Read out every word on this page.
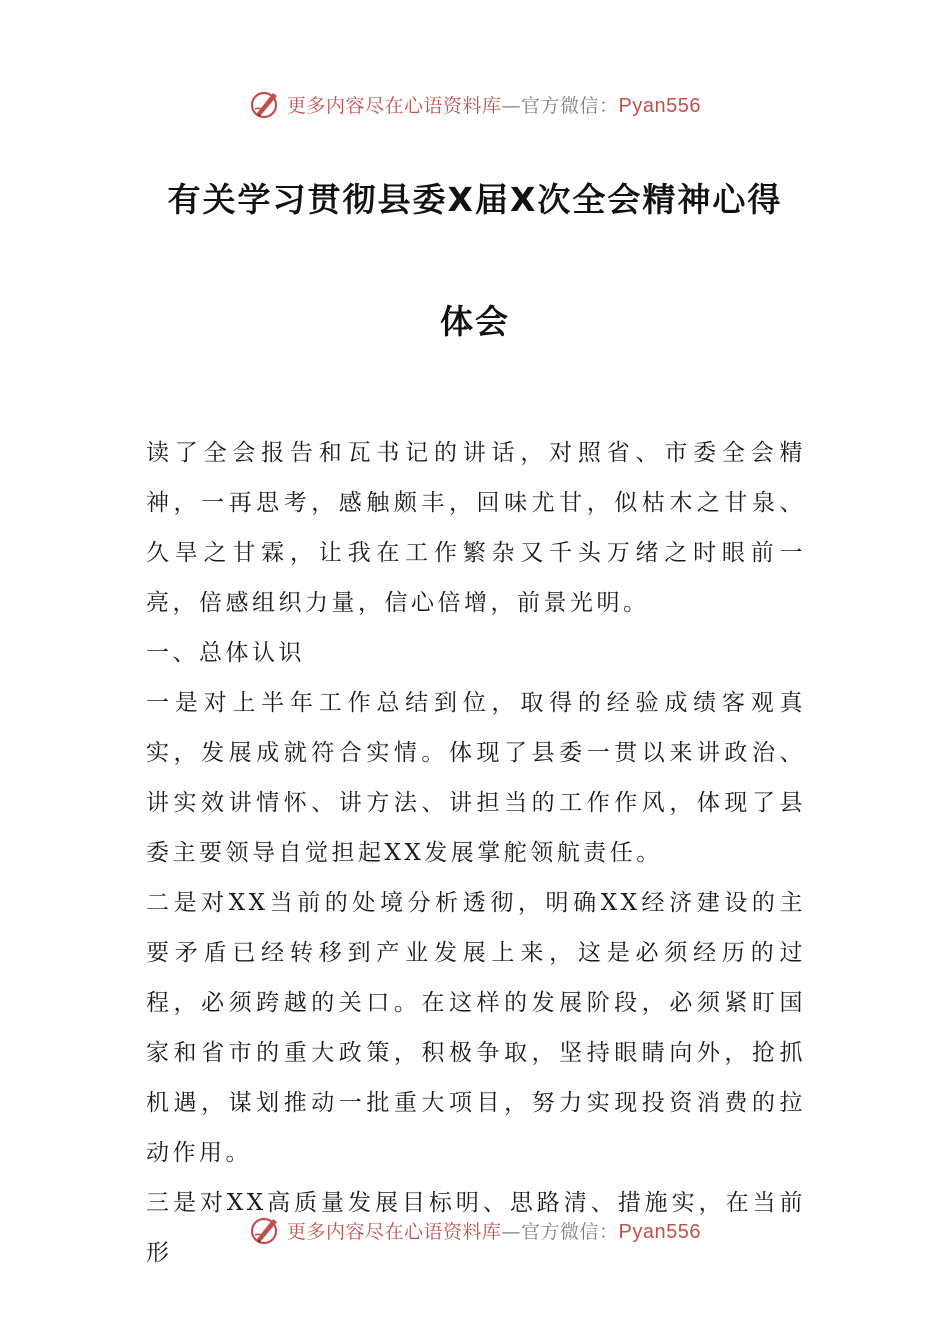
更多内容尽在心语资料库—官方微信：Pyan556
有关学习贯彻县委X届X次全会精神心得
体会

读了全会报告和瓦书记的讲话，对照省、市委全会精神，一再思考，感触颇丰，回味尤甘，似枯木之甘泉、久旱之甘霖，让我在工作繁杂又千头万绪之时眼前一亮，倍感组织力量，信心倍增，前景光明。

一、总体认识

一是对上半年工作总结到位，取得的经验成绩客观真实，发展成就符合实情。体现了县委一贯以来讲政治、讲实效讲情怀、讲方法、讲担当的工作作风，体现了县委主要领导自觉担起XX发展掌舵领航责任。

二是对XX当前的处境分析透彻，明确XX经济建设的主要矛盾已经转移到产业发展上来，这是必须经历的过程，必须跨越的关口。在这样的发展阶段，必须紧盯国家和省市的重大政策，积极争取，坚持眼睛向外，抢抓机遇，谋划推动一批重大项目，努力实现投资消费的拉动作用。

三是对XX高质量发展目标明、思路清、措施实，在当前形

更多内容尽在心语资料库—官方微信：Pyan556
